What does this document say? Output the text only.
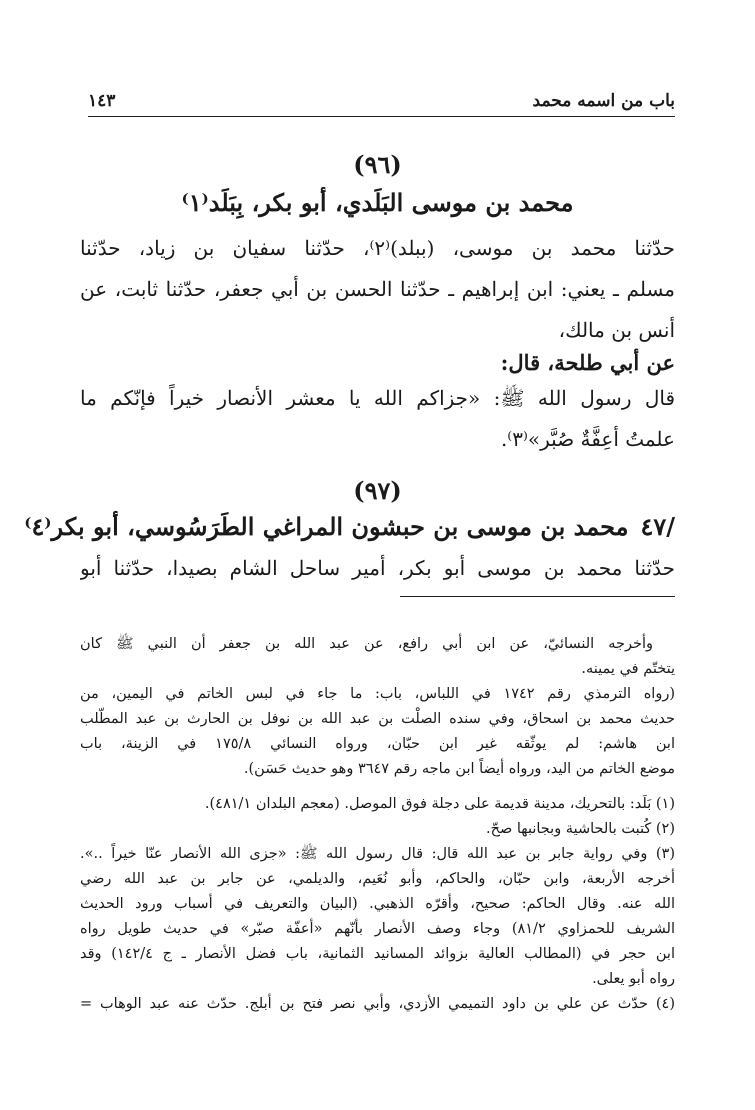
باب من اسمه محمد
١٤٣
(٩٦)
محمد بن موسى البَلَدي، أبو بكر، بِبَلَد⁽١⁾
حدّثنا محمد بن موسى، (ببلد)⁽٢⁾، حدّثنا سفيان بن زياد، حدّثنا
مسلم ـ يعني: ابن إبراهيم ـ حدّثنا الحسن بن أبي جعفر، حدّثنا ثابت، عن
أنس بن مالك،
عن أبي طلحة، قال:
قال رسول الله ﷺ: «جزاكم الله يا معشر الأنصار خيراً فإنّكم ما
علمتُ أعِفَّةٌ صُبَّر»⁽٣⁾.
(٩٧)
/٤٧محمد بن موسى بن حبشون المراغي الطَرَسُوسي، أبو بكر⁽٤⁾
حدّثنا محمد بن موسى أبو بكر، أمير ساحل الشام بصيدا، حدّثنا أبو
وأخرجه النسائيّ، عن ابن أبي رافع، عن عبد الله بن جعفر أن النبي ﷺ كان
يتختّم في يمينه.
(رواه الترمذي رقم ١٧٤٢ في اللباس، باب: ما جاء في لبس الخاتم في اليمين، من
حديث محمد بن اسحاق، وفي سنده الصلْت بن عبد الله بن نوفل بن الحارث بن عبد المطّلب
ابن هاشم: لم يوثّقه غير ابن حبّان، ورواه النسائي ١٧٥/٨ في الزينة، باب
موضع الخاتم من اليد، ورواه أيضاً ابن ماجه رقم ٣٦٤٧ وهو حديث حَسَن).
(١) بَلَد: بالتحريك، مدينة قديمة على دجلة فوق الموصل. (معجم البلدان ٤٨١/١).
(٢) كُتبت بالحاشية وبجانبها صحّ.
(٣) وفي رواية جابر بن عبد الله قال: قال رسول الله ﷺ: «جزى الله الأنصار عنّا خيراً ..».
أخرجه الأربعة، وابن حبّان، والحاكم، وأبو نُعَيم، والديلمي، عن جابر بن عبد الله رضي
الله عنه. وقال الحاكم: صحيح، وأقرّه الذهبي. (البيان والتعريف في أسباب ورود الحديث
الشريف للحمزاوي ٨١/٢) وجاء وصف الأنصار بأنّهم «أعفّة صبّر» في حديث طويل رواه
ابن حجر في (المطالب العالية بزوائد المسانيد الثمانية، باب فضل الأنصار ـ ج ١٤٢/٤) وقد
رواه أبو يعلى.
(٤) حدّث عن علي بن داود التميمي الأزدي، وأبي نصر فتح بن أبلج. حدّث عنه عبد الوهاب =
